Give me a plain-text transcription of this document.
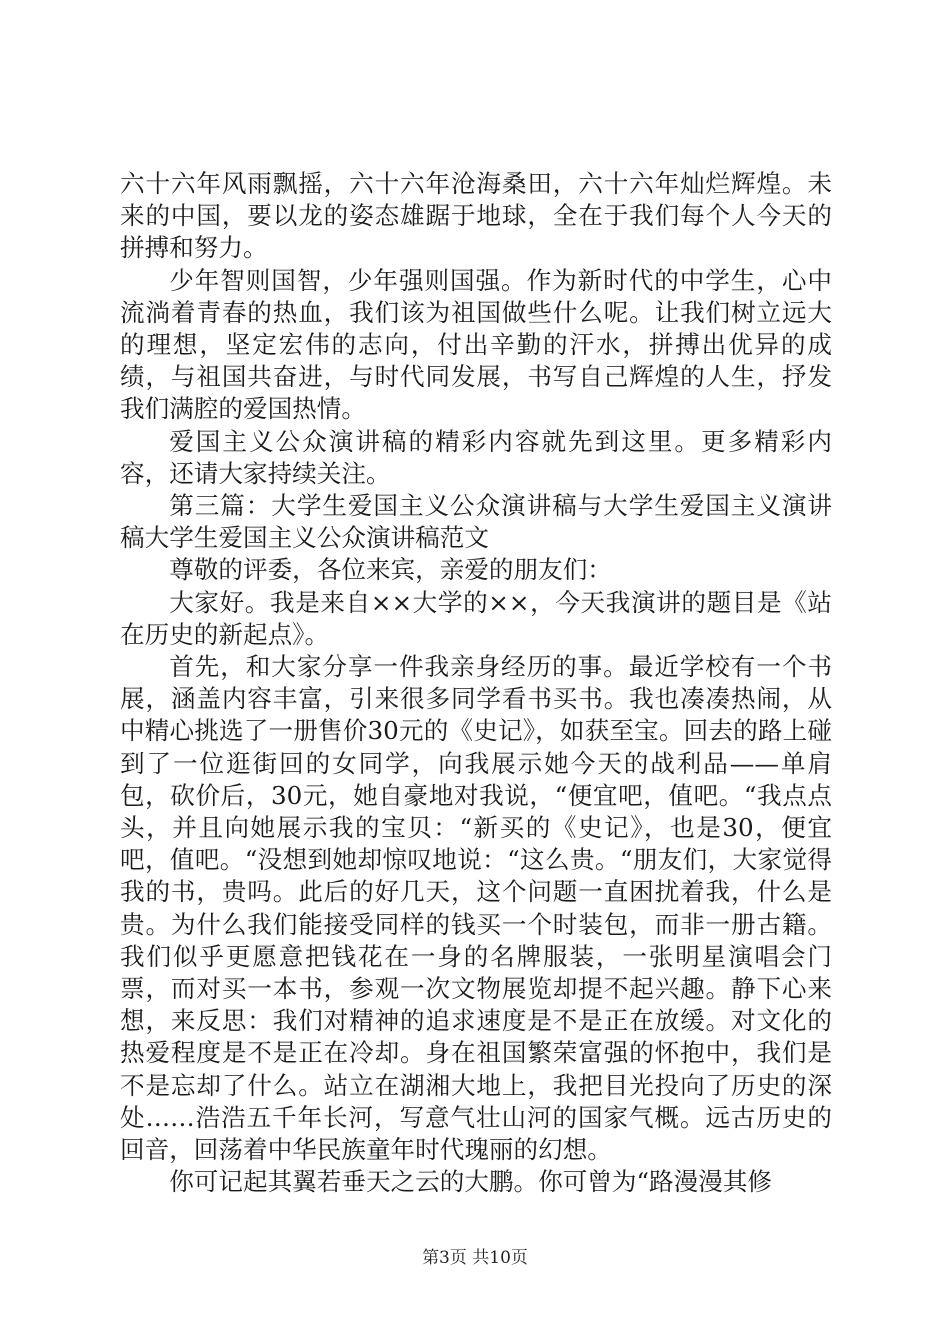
六十六年风雨飘摇，六十六年沧海桑田，六十六年灿烂辉煌。未来的中国，要以龙的姿态雄踞于地球，全在于我们每个人今天的拼搏和努力。

少年智则国智，少年强则国强。作为新时代的中学生，心中流淌着青春的热血，我们该为祖国做些什么呢。让我们树立远大的理想，坚定宏伟的志向，付出辛勤的汗水，拼搏出优异的成绩，与祖国共奋进，与时代同发展，书写自己辉煌的人生，抒发我们满腔的爱国热情。

爱国主义公众演讲稿的精彩内容就先到这里。更多精彩内容，还请大家持续关注。

第三篇：大学生爱国主义公众演讲稿与大学生爱国主义演讲稿大学生爱国主义公众演讲稿范文

尊敬的评委，各位来宾，亲爱的朋友们：

大家好。我是来自××大学的××，今天我演讲的题目是《站在历史的新起点》。

首先，和大家分享一件我亲身经历的事。最近学校有一个书展，涵盖内容丰富，引来很多同学看书买书。我也凑凑热闹，从中精心挑选了一册售价30元的《史记》，如获至宝。回去的路上碰到了一位逛街回的女同学，向我展示她今天的战利品——单肩包，砍价后，30元，她自豪地对我说，“便宜吧，值吧。“我点点头，并且向她展示我的宝贝：“新买的《史记》，也是30，便宜吧，值吧。“没想到她却惊叹地说：“这么贵。“朋友们，大家觉得我的书，贵吗。此后的好几天，这个问题一直困扰着我，什么是贵。为什么我们能接受同样的钱买一个时装包，而非一册古籍。我们似乎更愿意把钱花在一身的名牌服装，一张明星演唱会门票，而对买一本书，参观一次文物展览却提不起兴趣。静下心来想，来反思：我们对精神的追求速度是不是正在放缓。对文化的热爱程度是不是正在冷却。身在祖国繁荣富强的怀抱中，我们是不是忘却了什么。站立在湖湘大地上，我把目光投向了历史的深处……浩浩五千年长河，写意气壮山河的国家气概。远古历史的回音，回荡着中华民族童年时代瑰丽的幻想。

你可记起其翼若垂天之云的大鹏。你可曾为“路漫漫其修

第3页 共10页
